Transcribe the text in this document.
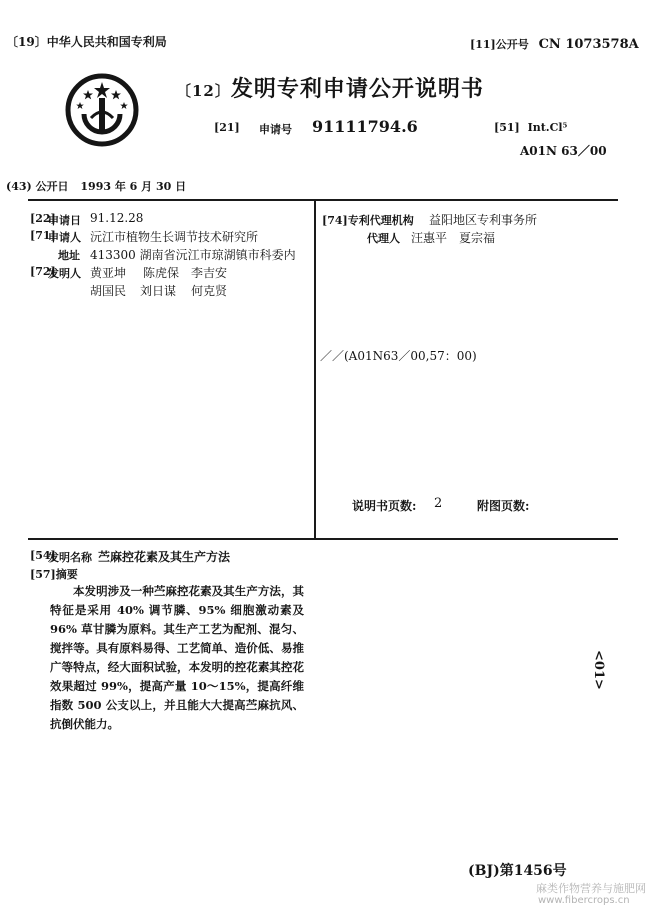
〔19〕中华人民共和国专利局	[11]公开号 CN 1073578A
〔12〕发明专利申请公开说明书
[21] 申请号 91111794.6	[51] Int.Cl⁵
A01N 63／00
(43) 公开日 1993 年 6 月 30 日
[22]
申请日 91.12.28
[71]
申请人 沅江市植物生长调节技术研究所
地址 413300 湖南省沅江市琼湖镇市科委内
[72]
发明人 黄亚坤 陈虎保 李吉安
胡国民 刘日谋 何克贤
[74]专利代理机构 益阳地区专利事务所
代理人 汪惠平　夏宗福
／／(A01N63／00,57：00)
说明书页数: 2	附图页数:
[54]
发明名称 苎麻控花素及其生产方法
[57]摘要

本发明涉及一种苎麻控花素及其生产方法，其特征是采用 40% 调节膦、95% 细胞激动素及 96% 草甘膦为原料。其生产工艺为配剂、混匀、搅拌等。具有原料易得、工艺简单、造价低、易推广等特点，经大面积试验，本发明的控花素其控花效果超过 99%，提高产量 10～15%，提高纤维指数 500 公支以上，并且能大大提高苎麻抗风、抗倒伏能力。

<01>
(BJ)第1456号
麻类作物营养与施肥网
www.fibercrops.cn
